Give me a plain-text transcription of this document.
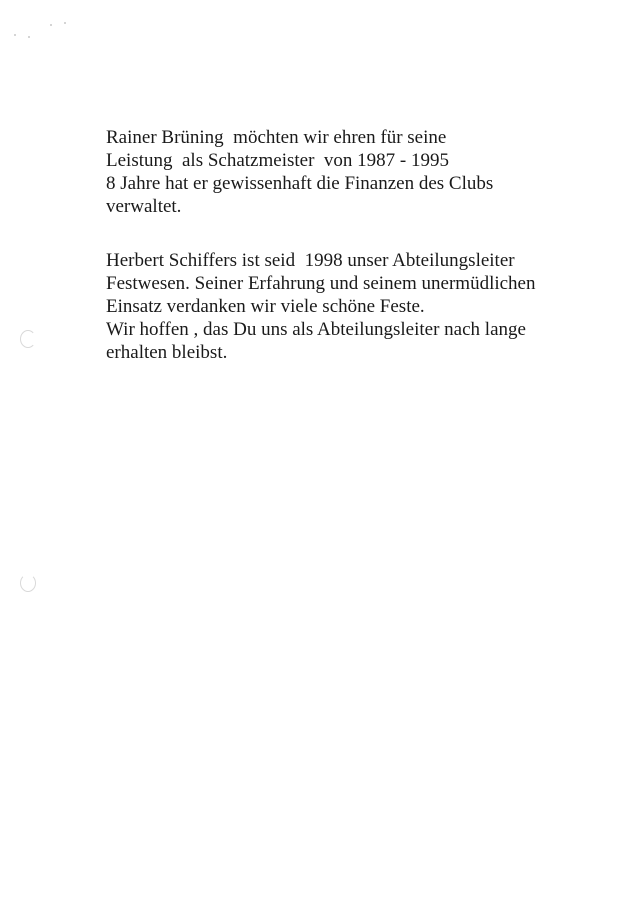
Rainer Brüning  möchten wir ehren für seine
Leistung  als Schatzmeister  von 1987 - 1995
8 Jahre hat er gewissenhaft die Finanzen des Clubs
verwaltet.

Herbert Schiffers ist seid  1998 unser Abteilungsleiter
Festwesen. Seiner Erfahrung und seinem unermüdlichen
Einsatz verdanken wir viele schöne Feste.
Wir hoffen , das Du uns als Abteilungsleiter nach lange
erhalten bleibst.
